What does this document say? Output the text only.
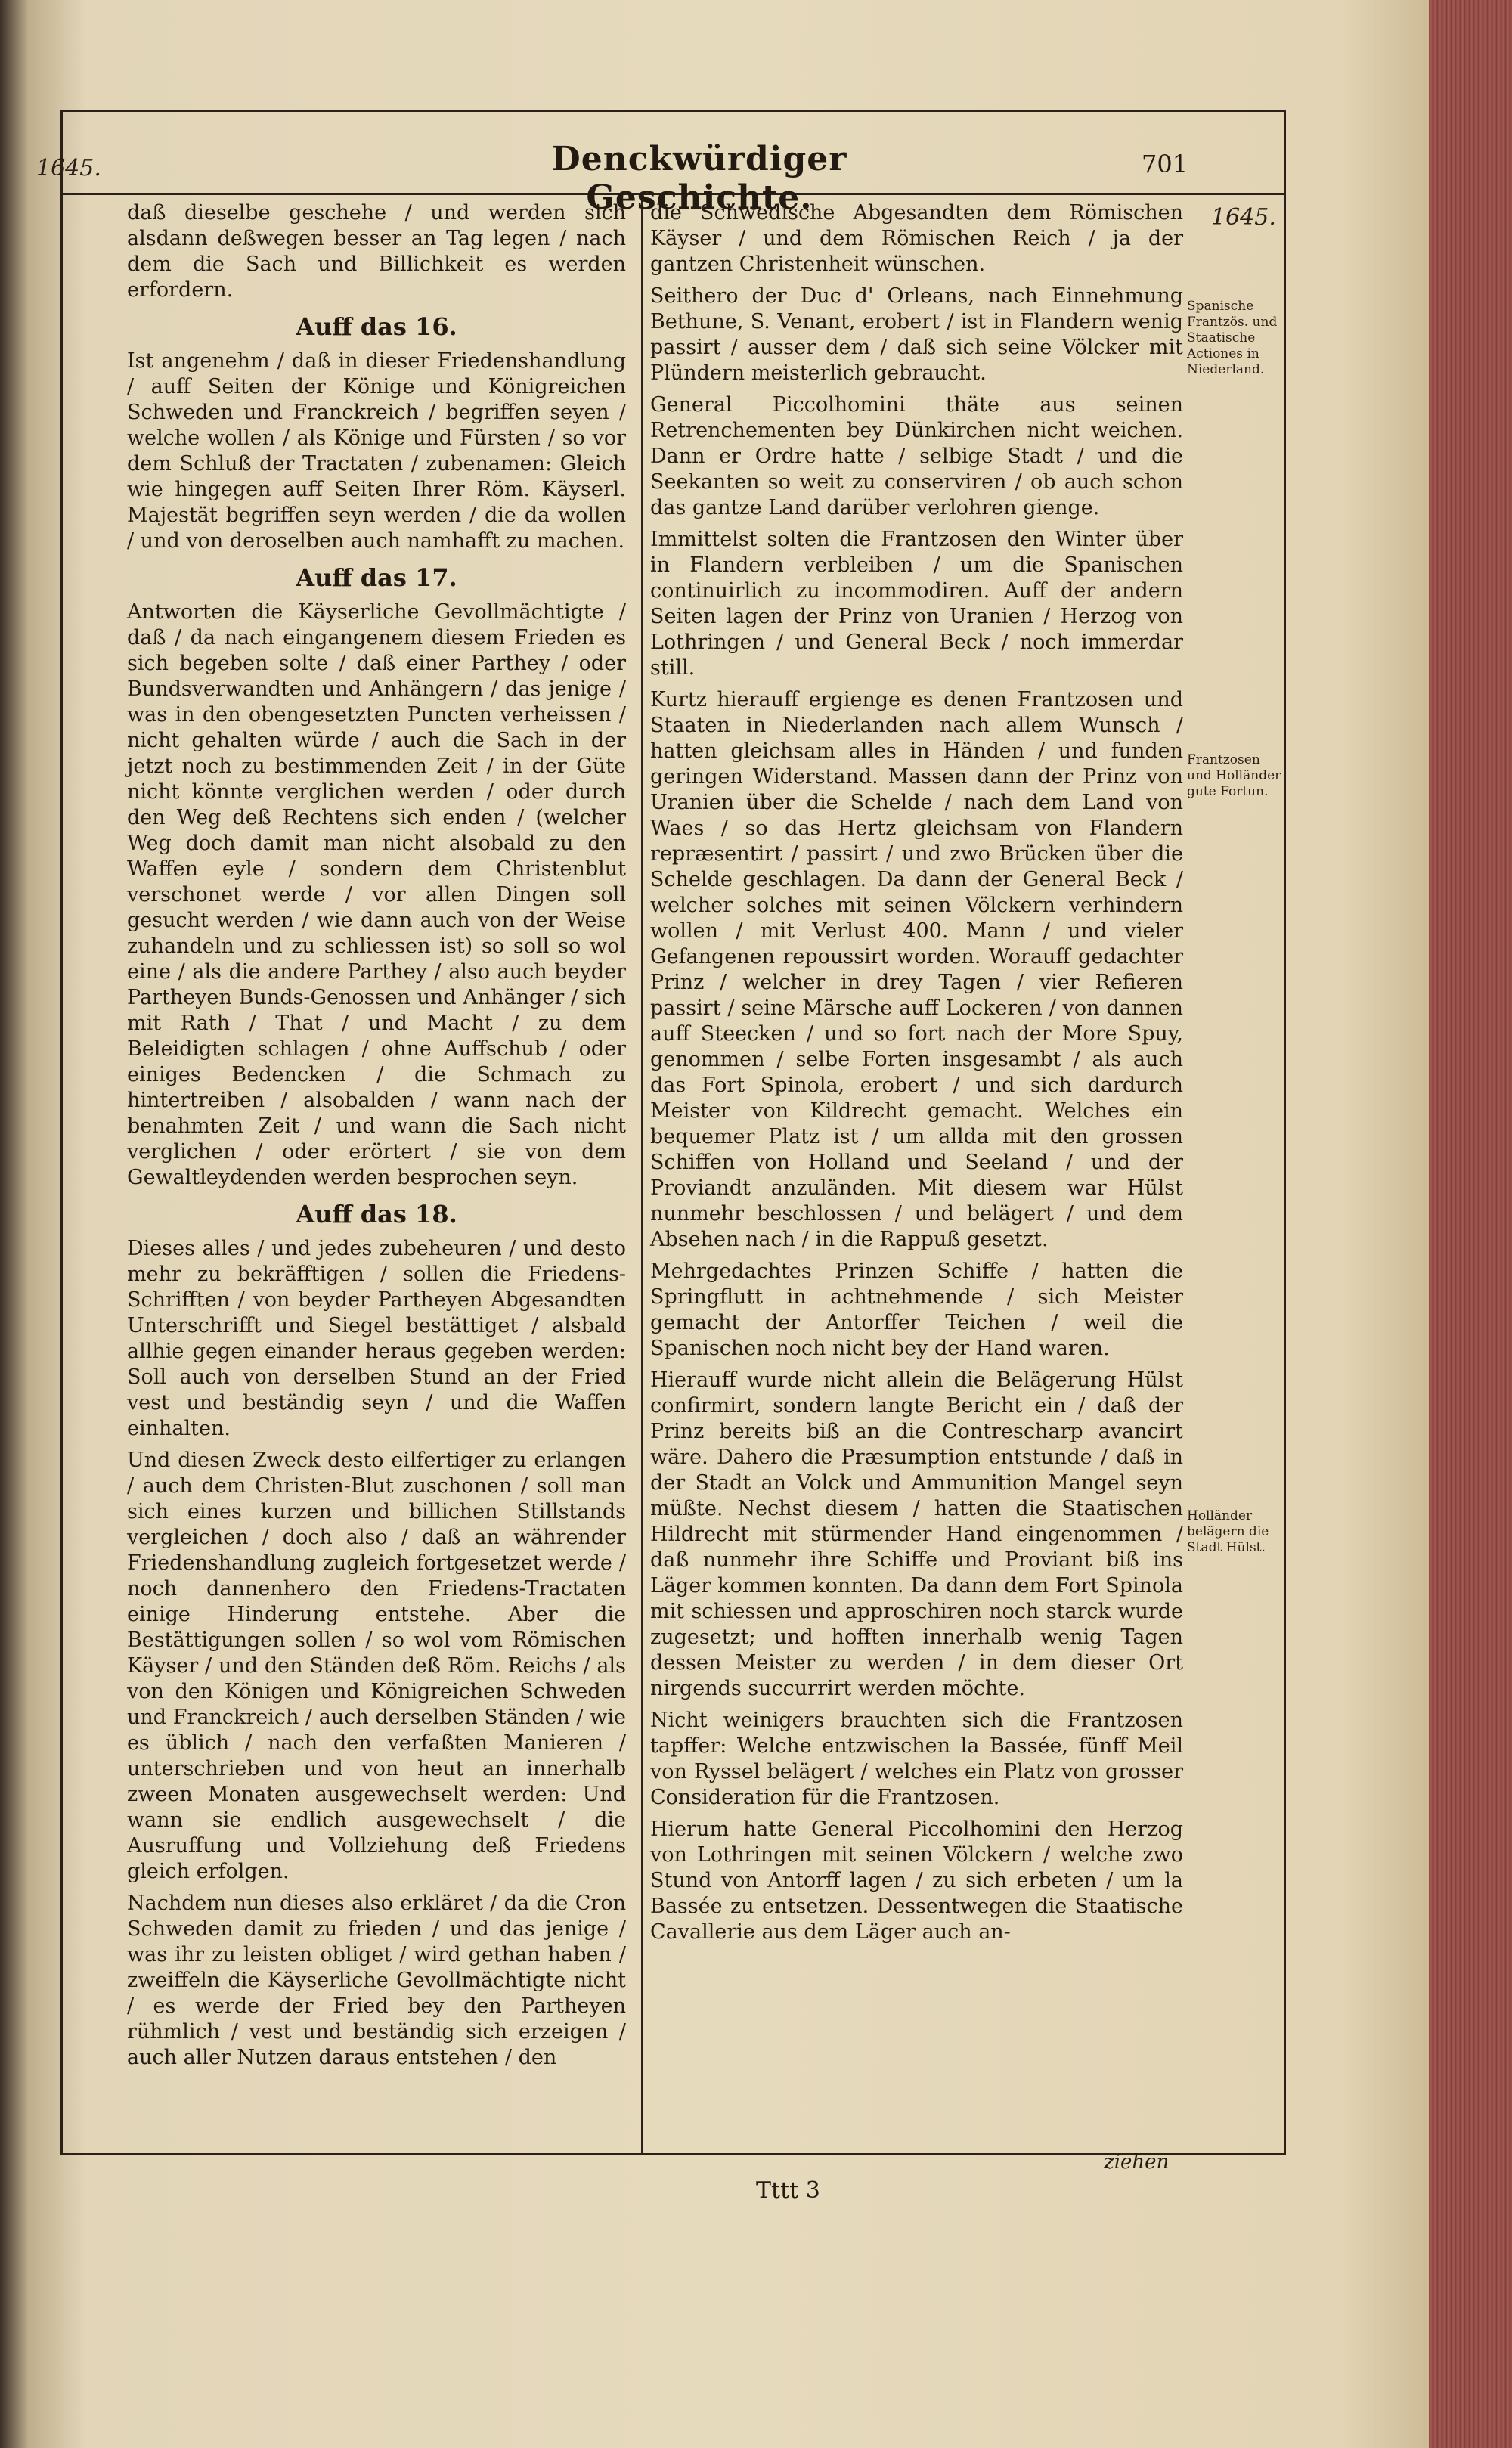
1645.	Denckwürdiger Geschichte.
701
1645.

daß dieselbe geschehe / und werden sich alsdann deßwegen besser an Tag legen / nach dem die Sach und Billichkeit es werden erfordern.

Auff das 16.

Ist angenehm / daß in dieser Friedenshandlung / auff Seiten der Könige und Königreichen Schweden und Franckreich / begriffen seyen / welche wollen / als Könige und Fürsten / so vor dem Schluß der Tractaten / zubenamen: Gleich wie hingegen auff Seiten Ihrer Röm. Käyserl. Majestät begriffen seyn werden / die da wollen / und von deroselben auch namhafft zu machen.

Auff das 17.

Antworten die Käyserliche Gevollmächtigte / daß / da nach eingangenem diesem Frieden es sich begeben solte / daß einer Parthey / oder Bundsverwandten und Anhängern / das jenige / was in den obengesetzten Puncten verheissen / nicht gehalten würde / auch die Sach in der jetzt noch zu bestimmenden Zeit / in der Güte nicht könnte verglichen werden / oder durch den Weg deß Rechtens sich enden / (welcher Weg doch damit man nicht alsobald zu den Waffen eyle / sondern dem Christenblut verschonet werde / vor allen Dingen soll gesucht werden / wie dann auch von der Weise zuhandeln und zu schliessen ist) so soll so wol eine / als die andere Parthey / also auch beyder Partheyen Bunds-Genossen und Anhänger / sich mit Rath / That / und Macht / zu dem Beleidigten schlagen / ohne Auffschub / oder einiges Bedencken / die Schmach zu hintertreiben / alsobalden / wann nach der benahmten Zeit / und wann die Sach nicht verglichen / oder erörtert / sie von dem Gewaltleydenden werden besprochen seyn.

Auff das 18.

Dieses alles / und jedes zubeheuren / und desto mehr zu bekräfftigen / sollen die Friedens-Schrifften / von beyder Partheyen Abgesandten Unterschrifft und Siegel bestättiget / alsbald allhie gegen einander heraus gegeben werden: Soll auch von derselben Stund an der Fried vest und beständig seyn / und die Waffen einhalten.

Und diesen Zweck desto eilfertiger zu erlangen / auch dem Christen-Blut zuschonen / soll man sich eines kurzen und billichen Stillstands vergleichen / doch also / daß an währender Friedenshandlung zugleich fortgesetzet werde / noch dannenhero den Friedens-Tractaten einige Hinderung entstehe. Aber die Bestättigungen sollen / so wol vom Römischen Käyser / und den Ständen deß Röm. Reichs / als von den Königen und Königreichen Schweden und Franckreich / auch derselben Ständen / wie es üblich / nach den verfaßten Manieren / unterschrieben und von heut an innerhalb zween Monaten ausgewechselt werden: Und wann sie endlich ausgewechselt / die Ausruffung und Vollziehung deß Friedens gleich erfolgen.

Nachdem nun dieses also erkläret / da die Cron Schweden damit zu frieden / und das jenige / was ihr zu leisten obliget / wird gethan haben / zweiffeln die Käyserliche Gevollmächtigte nicht / es werde der Fried bey den Partheyen rühmlich / vest und beständig sich erzeigen / auch aller Nutzen daraus entstehen / den

die Schwedische Abgesandten dem Römischen Käyser / und dem Römischen Reich / ja der gantzen Christenheit wünschen.

Seithero der Duc d' Orleans, nach Einnehmung Bethune, S. Venant, erobert / ist in Flandern wenig passirt / ausser dem / daß sich seine Völcker mit Plündern meisterlich gebraucht.

General Piccolhomini thäte aus seinen Retrenchementen bey Dünkirchen nicht weichen. Dann er Ordre hatte / selbige Stadt / und die Seekanten so weit zu conserviren / ob auch schon das gantze Land darüber verlohren gienge.

Immittelst solten die Frantzosen den Winter über in Flandern verbleiben / um die Spanischen continuirlich zu incommodiren. Auff der andern Seiten lagen der Prinz von Uranien / Herzog von Lothringen / und General Beck / noch immerdar still.

Kurtz hierauff ergienge es denen Frantzosen und Staaten in Niederlanden nach allem Wunsch / hatten gleichsam alles in Händen / und funden geringen Widerstand. Massen dann der Prinz von Uranien über die Schelde / nach dem Land von Waes / so das Hertz gleichsam von Flandern repræsentirt / passirt / und zwo Brücken über die Schelde geschlagen. Da dann der General Beck / welcher solches mit seinen Völckern verhindern wollen / mit Verlust 400. Mann / und vieler Gefangenen repoussirt worden. Worauff gedachter Prinz / welcher in drey Tagen / vier Refieren passirt / seine Märsche auff Lockeren / von dannen auff Steecken / und so fort nach der More Spuy, genommen / selbe Forten insgesambt / als auch das Fort Spinola, erobert / und sich dardurch Meister von Kildrecht gemacht. Welches ein bequemer Platz ist / um allda mit den grossen Schiffen von Holland und Seeland / und der Proviandt anzuländen. Mit diesem war Hülst nunmehr beschlossen / und belägert / und dem Absehen nach / in die Rappuß gesetzt.

Mehrgedachtes Prinzen Schiffe / hatten die Springflutt in achtnehmende / sich Meister gemacht der Antorffer Teichen / weil die Spanischen noch nicht bey der Hand waren.

Hierauff wurde nicht allein die Belägerung Hülst confirmirt, sondern langte Bericht ein / daß der Prinz bereits biß an die Contrescharp avancirt wäre. Dahero die Præsumption entstunde / daß in der Stadt an Volck und Ammunition Mangel seyn müßte. Nechst diesem / hatten die Staatischen Hildrecht mit stürmender Hand eingenommen / daß nunmehr ihre Schiffe und Proviant biß ins Läger kommen konnten. Da dann dem Fort Spinola mit schiessen und approschiren noch starck wurde zugesetzt; und hofften innerhalb wenig Tagen dessen Meister zu werden / in dem dieser Ort nirgends succurrirt werden möchte.

Nicht weinigers brauchten sich die Frantzosen tapffer: Welche entzwischen la Bassée, fünff Meil von Ryssel belägert / welches ein Platz von grosser Consideration für die Frantzosen.

Hierum hatte General Piccolhomini den Herzog von Lothringen mit seinen Völckern / welche zwo Stund von Antorff lagen / zu sich erbeten / um la Bassée zu entsetzen. Dessentwegen die Staatische Cavallerie aus dem Läger auch an-

Spanische Frantzös. und Staatische Actiones in Niederland.
Frantzosen und Holländer gute Fortun.
Holländer belägern die Stadt Hülst.
ziehen
Tttt 3
